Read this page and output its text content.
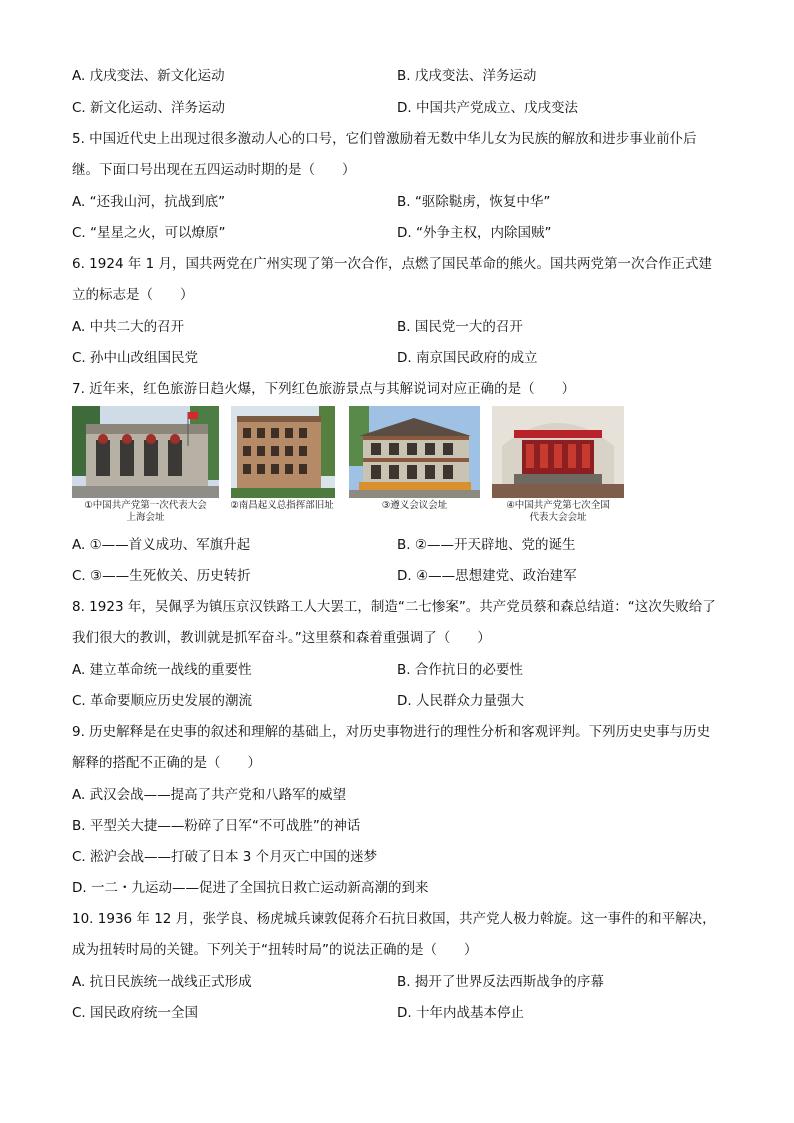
A. 戊戌变法、新文化运动	B. 戊戌变法、洋务运动
C. 新文化运动、洋务运动	D. 中国共产党成立、戊戌变法
5. 中国近代史上出现过很多激动人心的口号，它们曾激励着无数中华儿女为民族的解放和进步事业前仆后继。下面口号出现在五四运动时期的是（　　）
A. “还我山河，抗战到底”	B. “驱除鞑虏，恢复中华”
C. “星星之火，可以燎原”	D. “外争主权，内除国贼”
6. 1924 年 1 月，国共两党在广州实现了第一次合作，点燃了国民革命的熊火。国共两党第一次合作正式建立的标志是（　　）
A. 中共二大的召开	B. 国民党一大的召开
C. 孙中山改组国民党	D. 南京国民政府的成立
7. 近年来，红色旅游日趋火爆，下列红色旅游景点与其解说词对应正确的是（　　）
①中国共产党第一次代表大会
上海会址
②南昌起义总指挥部旧址	③遵义会议会址	④中国共产党第七次全国
代表大会会址
A. ①——首义成功、军旗升起	B. ②——开天辟地、党的诞生
C. ③——生死攸关、历史转折	D. ④——思想建党、政治建军
8. 1923 年，吴佩孚为镇压京汉铁路工人大罢工，制造“二七惨案”。共产党员蔡和森总结道：“这次失败给了我们很大的教训，教训就是抓军奋斗。”这里蔡和森着重强调了（　　）
A. 建立革命统一战线的重要性	B. 合作抗日的必要性
C. 革命要顺应历史发展的潮流	D. 人民群众力量强大
9. 历史解释是在史事的叙述和理解的基础上，对历史事物进行的理性分析和客观评判。下列历史史事与历史解释的搭配不正确的是（　　）
A. 武汉会战——提高了共产党和八路军的威望
B. 平型关大捷——粉碎了日军“不可战胜”的神话
C. 淞沪会战——打破了日本 3 个月灭亡中国的迷梦
D. 一二・九运动——促进了全国抗日救亡运动新高潮的到来
10. 1936 年 12 月，张学良、杨虎城兵谏敦促蒋介石抗日救国，共产党人极力斡旋。这一事件的和平解决，成为扭转时局的关键。下列关于“扭转时局”的说法正确的是（　　）
A. 抗日民族统一战线正式形成	B. 揭开了世界反法西斯战争的序幕
C. 国民政府统一全国	D. 十年内战基本停止
